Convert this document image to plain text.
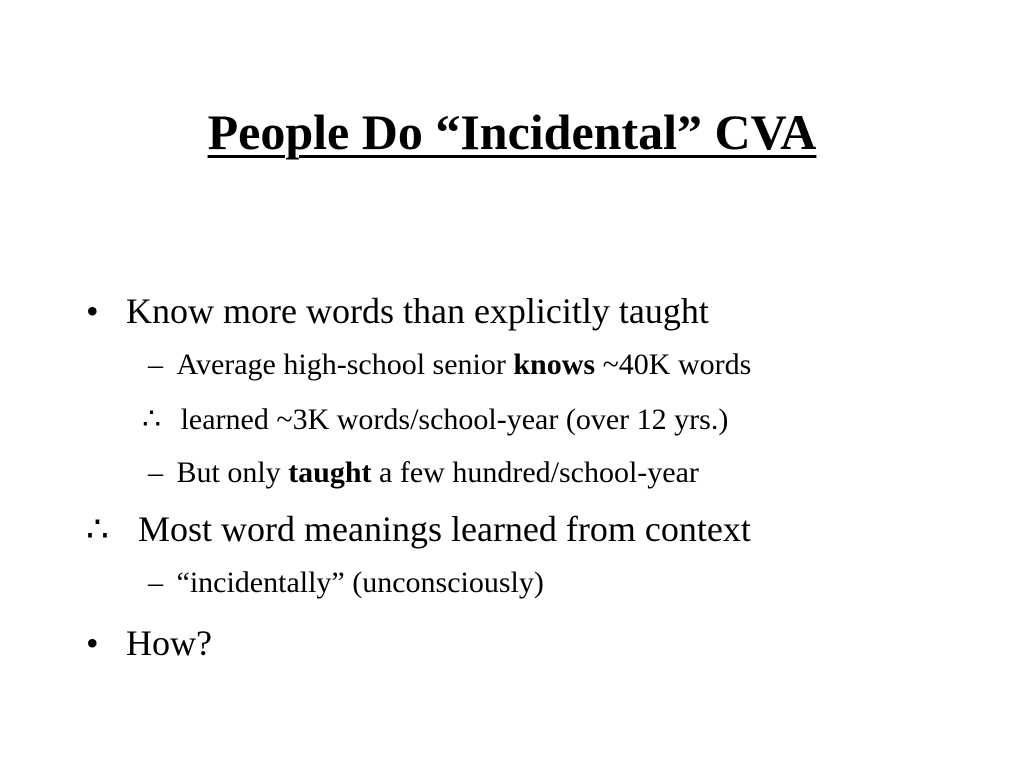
People Do “Incidental” CVA
• Know more words than explicitly taught
– Average high-school senior knows ~40K words
∴ learned ~3K words/school-year (over 12 yrs.)
– But only taught a few hundred/school-year
∴ Most word meanings learned from context
– “incidentally” (unconsciously)
• How?
